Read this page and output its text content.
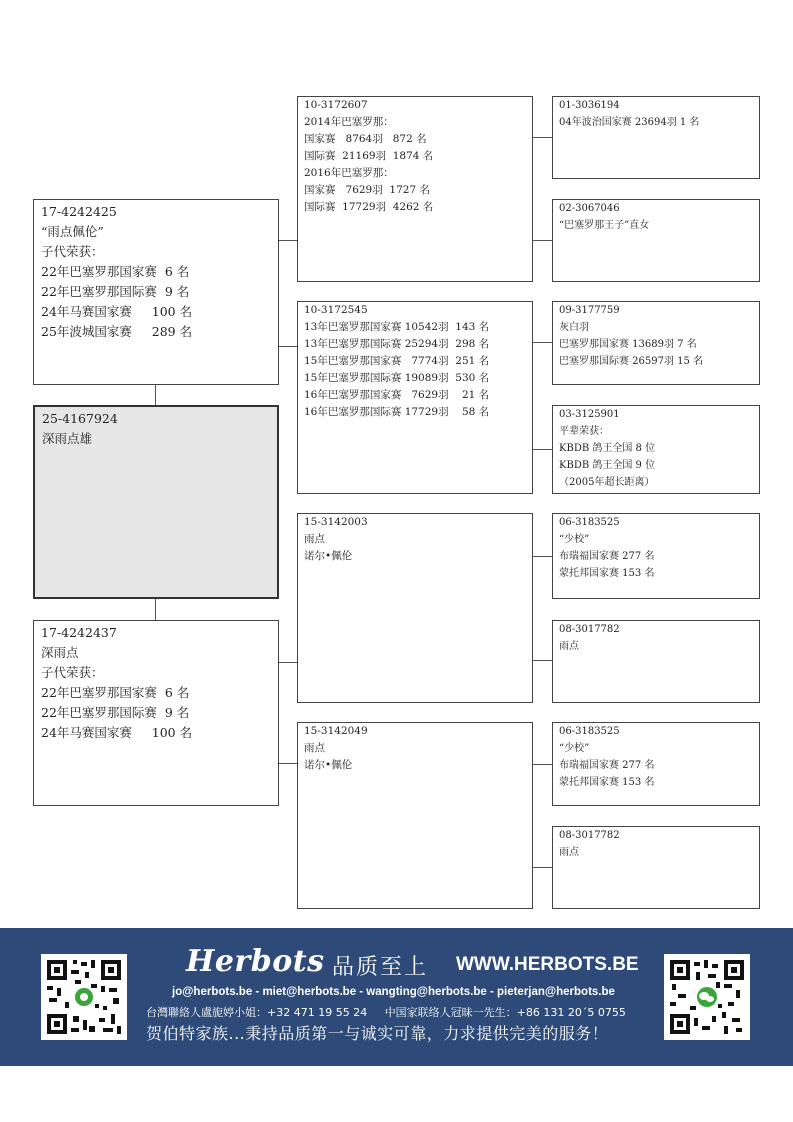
17-4242425
“雨点佩伦”
子代荣获：
22年巴塞罗那国家赛  6 名
22年巴塞罗那国际赛  9 名
24年马赛国家赛     100 名
25年波城国家赛     289 名
25-4167924
深雨点雄
17-4242437
深雨点
子代荣获：
22年巴塞罗那国家赛  6 名
22年巴塞罗那国际赛  9 名
24年马赛国家赛     100 名
10-3172607
2014年巴塞罗那：
国家赛   8764羽   872 名
国际赛  21169羽  1874 名
2016年巴塞罗那：
国家赛   7629羽  1727 名
国际赛  17729羽  4262 名
10-3172545
13年巴塞罗那国家赛 10542羽  143 名
13年巴塞罗那国际赛 25294羽  298 名
15年巴塞罗那国家赛   7774羽  251 名
15年巴塞罗那国际赛 19089羽  530 名
16年巴塞罗那国家赛   7629羽    21 名
16年巴塞罗那国际赛 17729羽    58 名
15-3142003
雨点
诺尔•佩伦
15-3142049
雨点
诺尔•佩伦
01-3036194
04年波治国家赛 23694羽 1 名
02-3067046
“巴塞罗那王子”直女
09-3177759
灰白羽
巴塞罗那国家赛 13689羽 7 名
巴塞罗那国际赛 26597羽 15 名
03-3125901
平辈荣获：
KBDB 鸽王全国 8 位
KBDB 鸽王全国 9 位
（2005年超长距离）
06-3183525
“少校”
布瑞福国家赛 277 名
蒙托邦国家赛 153 名
08-3017782
雨点
06-3183525
“少校”
布瑞福国家赛 277 名
蒙托邦国家赛 153 名
08-3017782
雨点
Herbots 品质至上 WWW.HERBOTS.BE
jo@herbots.be - miet@herbots.be - wangting@herbots.be - pieterjan@herbots.be
台灣聯絡人盧旎婷小姐：+32 471 19 55 24 中国家联络人冠昧一先生：+86 131 20´5 0755
贺伯特家族...秉持品质第一与诚实可靠，力求提供完美的服务！
